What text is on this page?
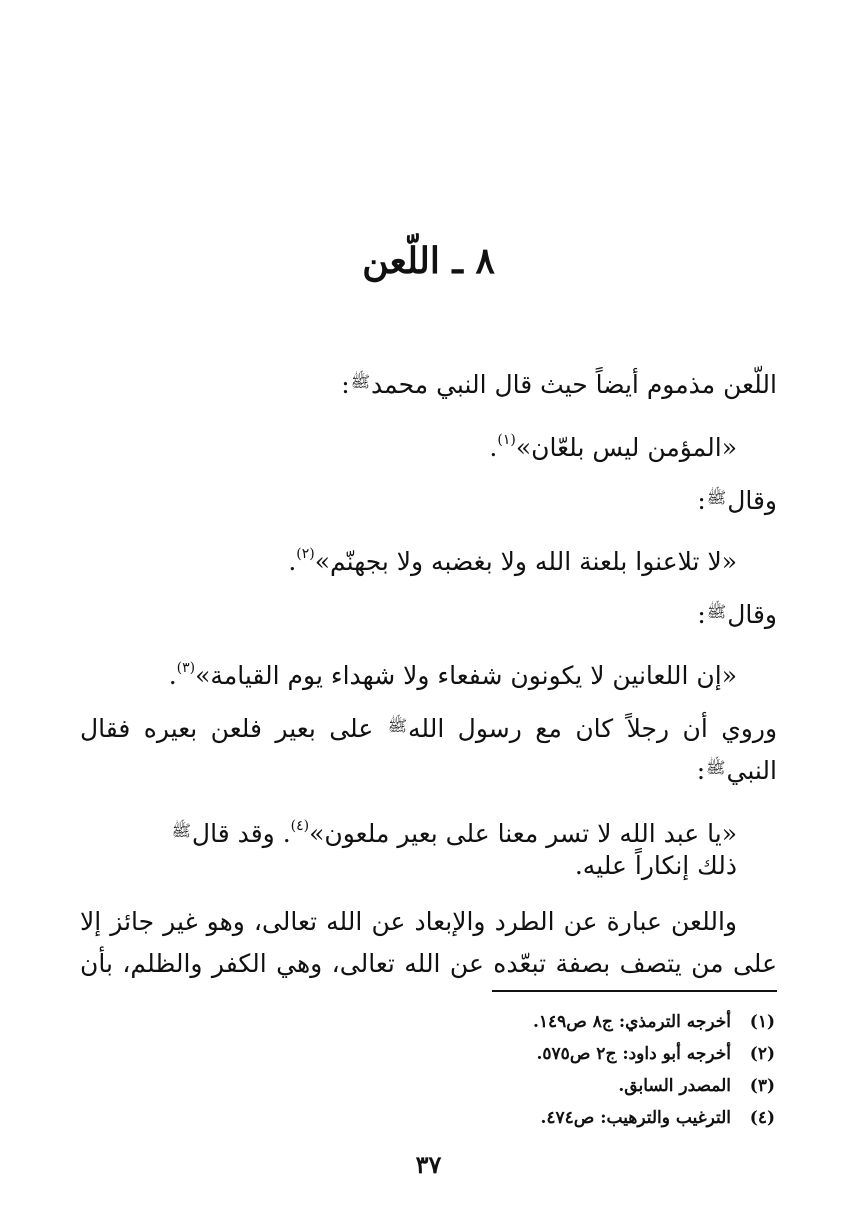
٨ ـ اللّعن
اللّعن مذموم أيضاً حيث قال النبي محمد$^ﷺ$:
«المؤمن ليس بلعّان»$^{(١)}$.
وقال$^ﷺ$:
«لا تلاعنوا بلعنة الله ولا بغضبه ولا بجهنّم»$^{(٢)}$.
وقال$^ﷺ$:
«إن اللعانين لا يكونون شفعاء ولا شهداء يوم القيامة»$^{(٣)}$.
وروي أن رجلاً كان مع رسول الله$^ﷺ$ على بعير فلعن بعيره فقال
النبي$^ﷺ$:
«يا عبد الله لا تسر معنا على بعير ملعون»$^{(٤)}$. وقد قال$^ﷺ$
ذلك إنكاراً عليه.
واللعن عبارة عن الطرد والإبعاد عن الله تعالى، وهو غير جائز إلا
على من يتصف بصفة تبعّده عن الله تعالى، وهي الكفر والظلم، بأن
(١)أخرجه الترمذي: ج٨ ص١٤٩.
(٢)أخرجه أبو داود: ج٢ ص٥٧٥.
(٣)المصدر السابق.
(٤)الترغيب والترهيب: ص٤٧٤.
٣٧
